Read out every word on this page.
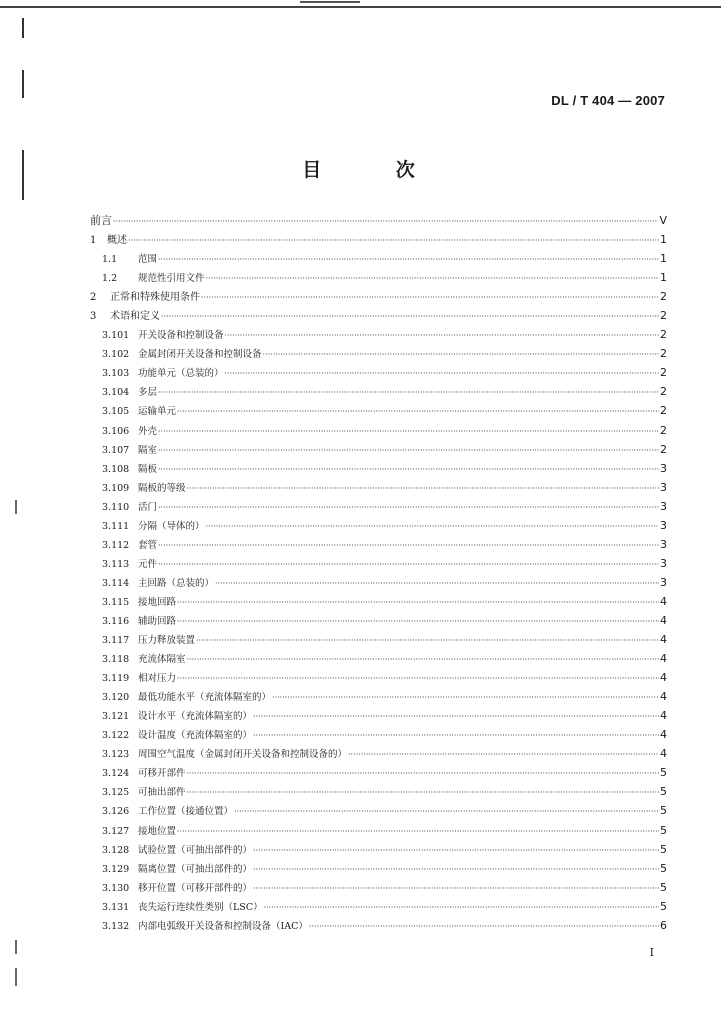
DL / T 404 — 2007
目 次
前言 ·····	V
1	概述 ·····	1
1.1	范围 ·····	1
1.2	规范性引用文件 ·····	1
2	正常和特殊使用条件 ·····	2
3	术语和定义 ·····	2
3.101 开关设备和控制设备 ·····	2
3.102 金属封闭开关设备和控制设备 ·····	2
3.103 功能单元（总装的） ·····	2
3.104 多层 ·····	2
3.105 运输单元 ·····	2
3.106 外壳 ·····	2
3.107 隔室 ·····	2
3.108 隔板 ·····	3
3.109 隔板的等级 ·····	3
3.110 活门 ·····	3
3.111 分隔（导体的） ·····	3
3.112 套管 ·····	3
3.113 元件 ·····	3
3.114 主回路（总装的） ·····	3
3.115 接地回路 ·····	4
3.116 辅助回路 ·····	4
3.117 压力释放装置 ·····	4
3.118 充流体隔室 ·····	4
3.119 相对压力 ·····	4
3.120 最低功能水平（充流体隔室的） ·····	4
3.121 设计水平（充流体隔室的） ·····	4
3.122 设计温度（充流体隔室的） ·····	4
3.123 周围空气温度（金属封闭开关设备和控制设备的） ·····	4
3.124 可移开部件 ·····	5
3.125 可抽出部件 ·····	5
3.126 工作位置（接通位置） ·····	5
3.127 接地位置 ·····	5
3.128 试验位置（可抽出部件的） ·····	5
3.129 隔离位置（可抽出部件的） ·····	5
3.130 移开位置（可移开部件的） ·····	5
3.131 丧失运行连续性类别（LSC） ·····	5
3.132 内部电弧级开关设备和控制设备（IAC） ·····	6
I
